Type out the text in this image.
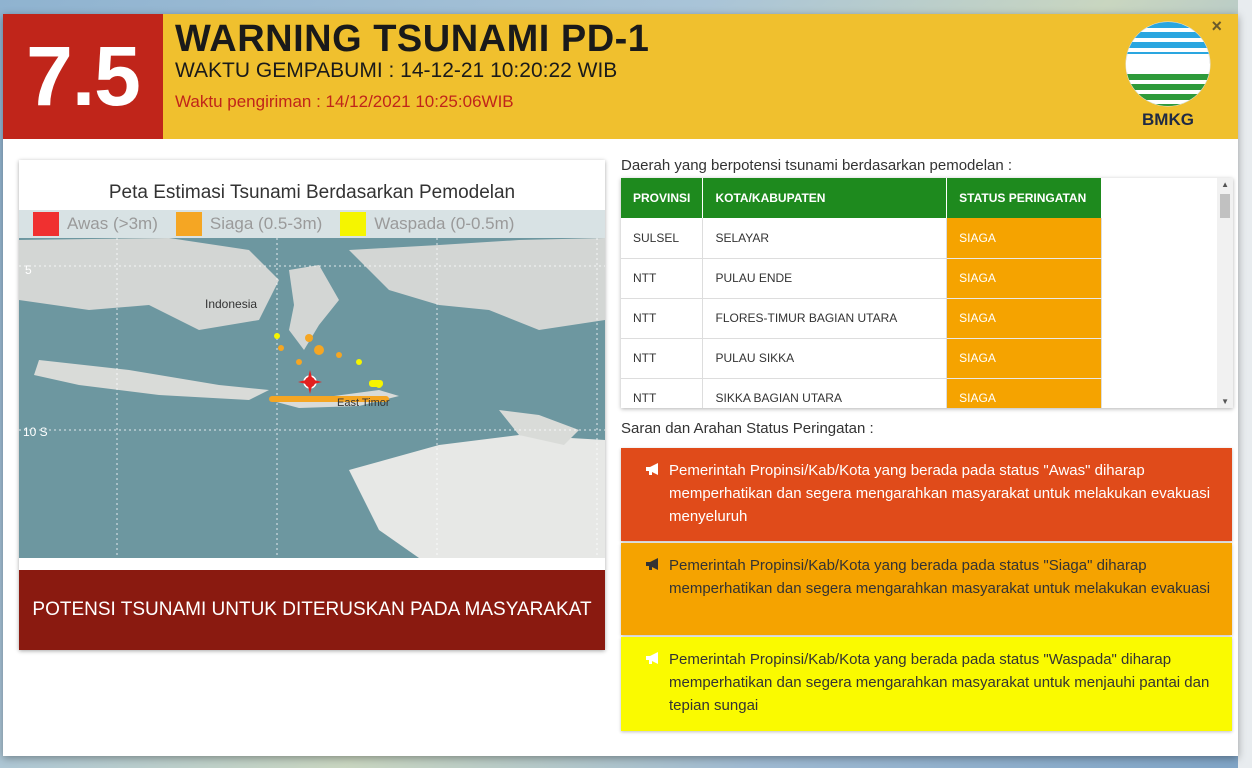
7.5 WARNING TSUNAMI PD-1
WAKTU GEMPABUMI : 14-12-21 10:20:22 WIB
Waktu pengiriman : 14/12/2021 10:25:06WIB
×
BMKG
Peta Estimasi Tsunami Berdasarkan Pemodelan
Indonesia
East Timor
5
10 S
Awas (>3m)	Siaga (0.5-3m)	Waspada (0-0.5m)
POTENSI TSUNAMI UNTUK DITERUSKAN PADA MASYARAKAT
Daerah yang berpotensi tsunami berdasarkan pemodelan :
PROVINSI	KOTA/KABUPATEN	STATUS PERINGATAN
SULSEL	SELAYAR	SIAGA
NTT	PULAU ENDE	SIAGA
NTT	FLORES-TIMUR BAGIAN UTARA	SIAGA
NTT	PULAU SIKKA	SIAGA
NTT	SIKKA BAGIAN UTARA	SIAGA
▲
▼
Saran dan Arahan Status Peringatan :
Pemerintah Propinsi/Kab/Kota yang berada pada status "Awas" diharap memperhatikan dan segera mengarahkan masyarakat untuk melakukan evakuasi menyeluruh
Pemerintah Propinsi/Kab/Kota yang berada pada status "Siaga" diharap memperhatikan dan segera mengarahkan masyarakat untuk melakukan evakuasi
Pemerintah Propinsi/Kab/Kota yang berada pada status "Waspada" diharap memperhatikan dan segera mengarahkan masyarakat untuk menjauhi pantai dan tepian sungai
